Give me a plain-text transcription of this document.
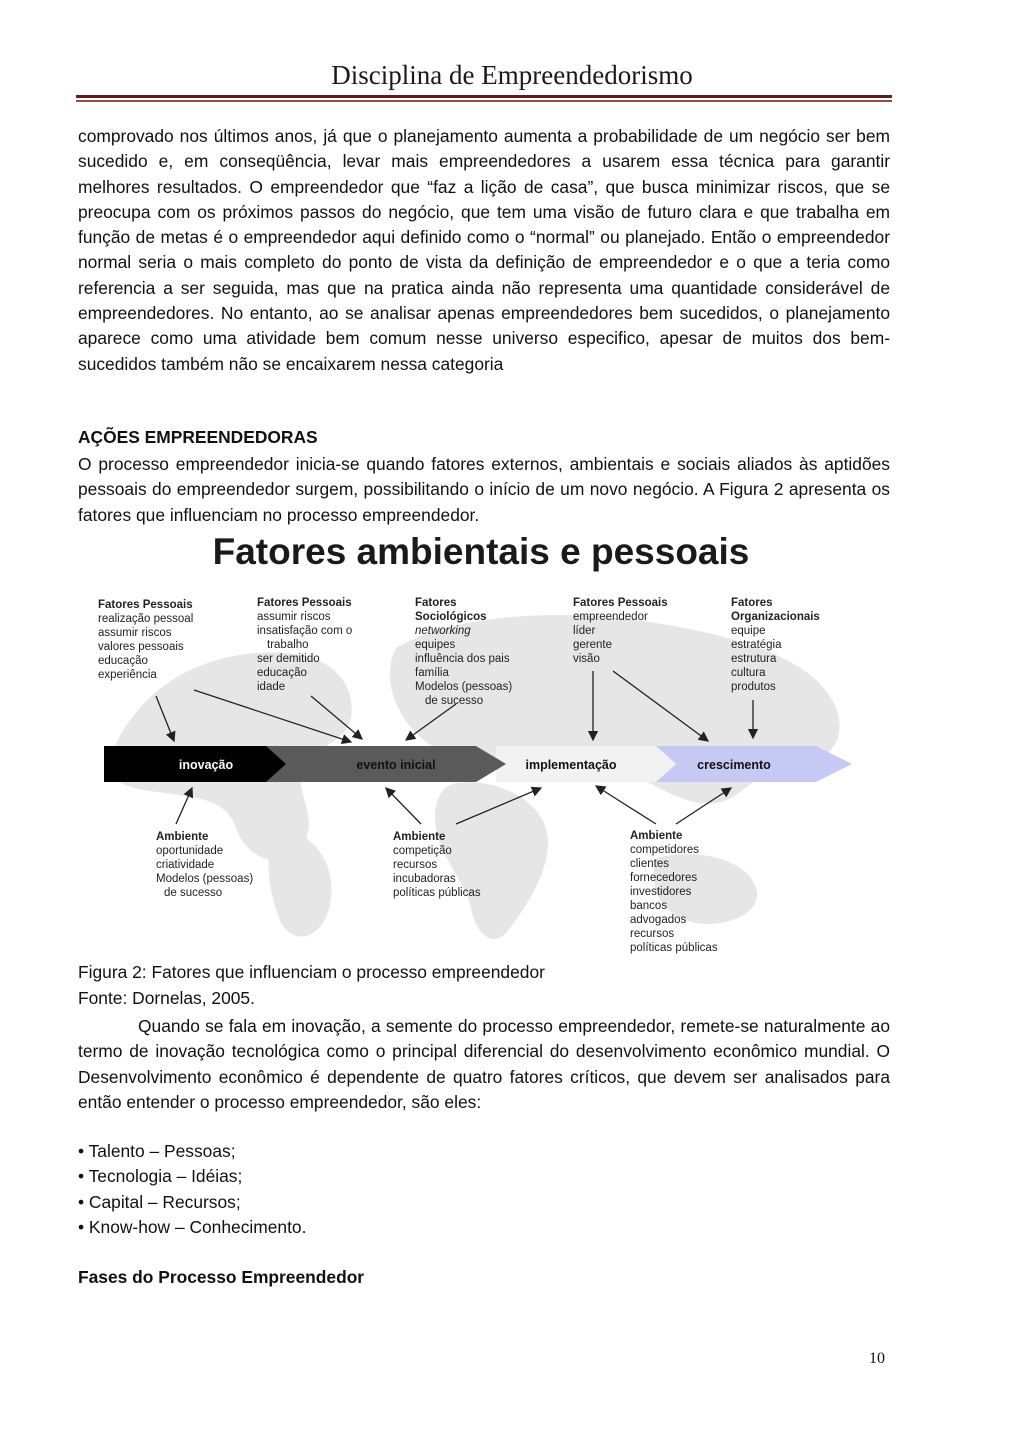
Disciplina de Empreendedorismo
comprovado nos últimos anos, já que o planejamento aumenta a probabilidade de um negócio ser bem sucedido e, em conseqüência, levar mais empreendedores a usarem essa técnica para garantir melhores resultados. O empreendedor que “faz a lição de casa”, que busca minimizar riscos, que se preocupa com os próximos passos do negócio, que tem uma visão de futuro clara e que trabalha em função de metas é o empreendedor aqui definido como o “normal” ou planejado. Então o empreendedor normal seria o mais completo do ponto de vista da definição de empreendedor e o que a teria como referencia a ser seguida, mas que na pratica ainda não representa uma quantidade considerável de empreendedores. No entanto, ao se analisar apenas empreendedores bem sucedidos, o planejamento aparece como uma atividade bem comum nesse universo especifico, apesar de muitos dos bem-sucedidos também não se encaixarem nessa categoria
AÇÕES EMPREENDEDORAS
O processo empreendedor inicia-se quando fatores externos, ambientais e sociais aliados às aptidões pessoais do empreendedor surgem, possibilitando o início de um novo negócio. A Figura 2 apresenta os fatores que influenciam no processo empreendedor.
Fatores ambientais e pessoais
inovação	evento inicial	implementação	crescimento
Fatores Pessoais
realização pessoal
assumir riscos
valores pessoais
educação
experiência
Fatores Pessoais
assumir riscos
insatisfação com o
trabalho
ser demitido
educação
idade
Fatores
Sociológicos
networking
equipes
influência dos pais
família
Modelos (pessoas)
de sucesso
Fatores Pessoais
empreendedor
líder
gerente
visão
Fatores
Organizacionais
equipe
estratégia
estrutura
cultura
produtos
Ambiente
oportunidade
criatividade
Modelos (pessoas)
de sucesso
Ambiente
competição
recursos
incubadoras
políticas públicas
Ambiente
competidores
clientes
fornecedores
investidores
bancos
advogados
recursos
políticas públicas
Figura 2: Fatores que influenciam o processo empreendedor
Fonte: Dornelas, 2005.
Quando se fala em inovação, a semente do processo empreendedor, remete-se naturalmente ao termo de inovação tecnológica como o principal diferencial do desenvolvimento econômico mundial. O Desenvolvimento econômico é dependente de quatro fatores críticos, que devem ser analisados para então entender o processo empreendedor, são eles:
• Talento – Pessoas;
• Tecnologia – Idéias;
• Capital – Recursos;
• Know-how – Conhecimento.
Fases do Processo Empreendedor
10
